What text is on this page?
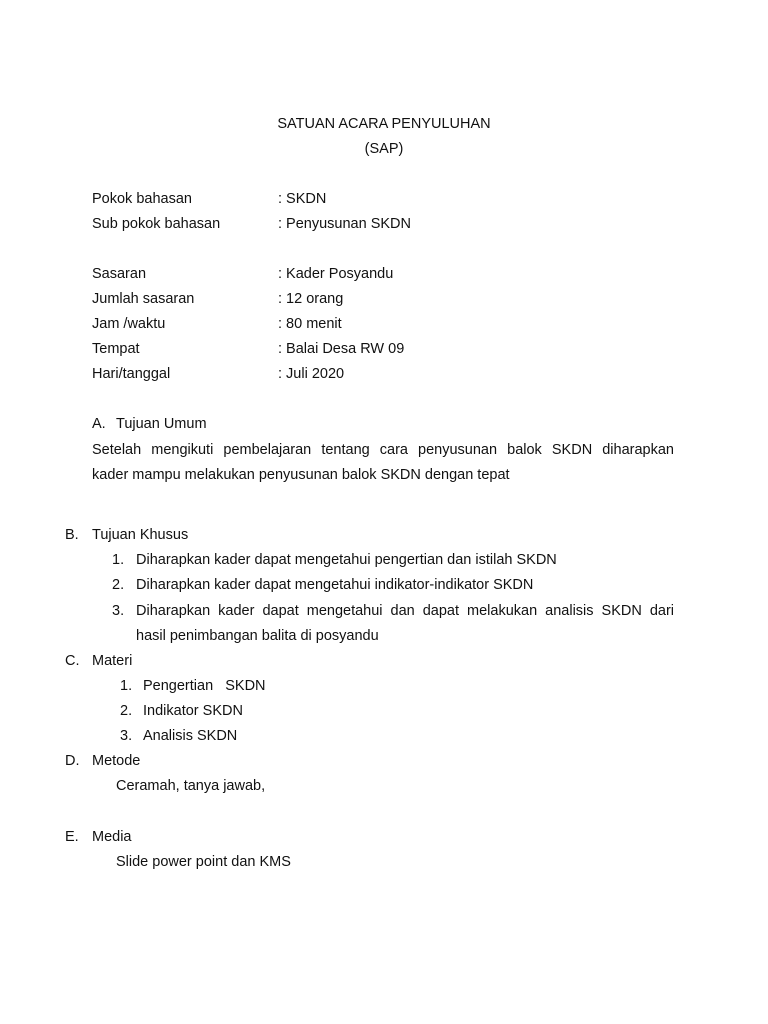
SATUAN ACARA PENYULUHAN
(SAP)
Pokok bahasan	: SKDN
Sub pokok bahasan	: Penyusunan SKDN
Sasaran	: Kader Posyandu
Jumlah sasaran	: 12 orang
Jam /waktu	: 80 menit
Tempat	: Balai Desa RW 09
Hari/tanggal	: Juli 2020
A. Tujuan Umum
Setelah mengikuti pembelajaran tentang cara penyusunan balok SKDN diharapkan
kader mampu melakukan penyusunan balok SKDN dengan tepat
B. Tujuan Khusus
1. Diharapkan kader dapat mengetahui pengertian dan istilah SKDN
2. Diharapkan kader dapat mengetahui indikator-indikator SKDN
3. Diharapkan kader dapat mengetahui dan dapat melakukan analisis SKDN dari
hasil penimbangan balita di posyandu
C. Materi
1. Pengertian   SKDN
2. Indikator SKDN
3. Analisis SKDN
D. Metode
Ceramah, tanya jawab,
E. Media
Slide power point dan KMS
